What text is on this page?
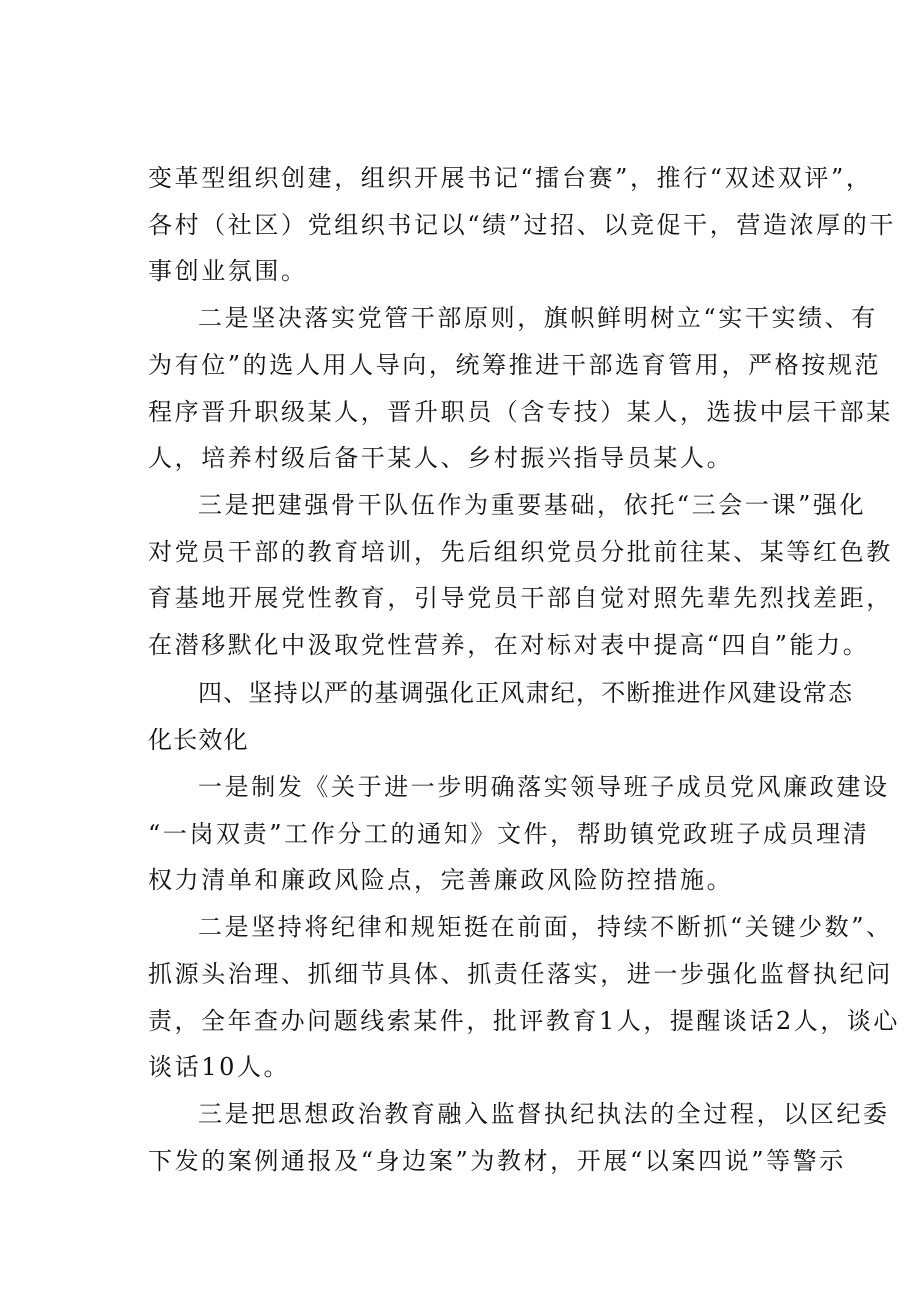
变革型组织创建，组织开展书记“擂台赛”，推行“双述双评”，
各村（社区）党组织书记以“绩”过招、以竞促干，营造浓厚的干
事创业氛围。
二是坚决落实党管干部原则，旗帜鲜明树立“实干实绩、有
为有位”的选人用人导向，统筹推进干部选育管用，严格按规范
程序晋升职级某人，晋升职员（含专技）某人，选拔中层干部某
人，培养村级后备干某人、乡村振兴指导员某人。
三是把建强骨干队伍作为重要基础，依托“三会一课”强化
对党员干部的教育培训，先后组织党员分批前往某、某等红色教
育基地开展党性教育，引导党员干部自觉对照先辈先烈找差距，
在潜移默化中汲取党性营养，在对标对表中提高“四自”能力。
四、坚持以严的基调强化正风肃纪，不断推进作风建设常态
化长效化
一是制发《关于进一步明确落实领导班子成员党风廉政建设
“一岗双责”工作分工的通知》文件，帮助镇党政班子成员理清
权力清单和廉政风险点，完善廉政风险防控措施。
二是坚持将纪律和规矩挺在前面，持续不断抓“关键少数”、
抓源头治理、抓细节具体、抓责任落实，进一步强化监督执纪问
责，全年查办问题线索某件，批评教育1人，提醒谈话2人，谈心
谈话10人。
三是把思想政治教育融入监督执纪执法的全过程，以区纪委
下发的案例通报及“身边案”为教材，开展“以案四说”等警示
